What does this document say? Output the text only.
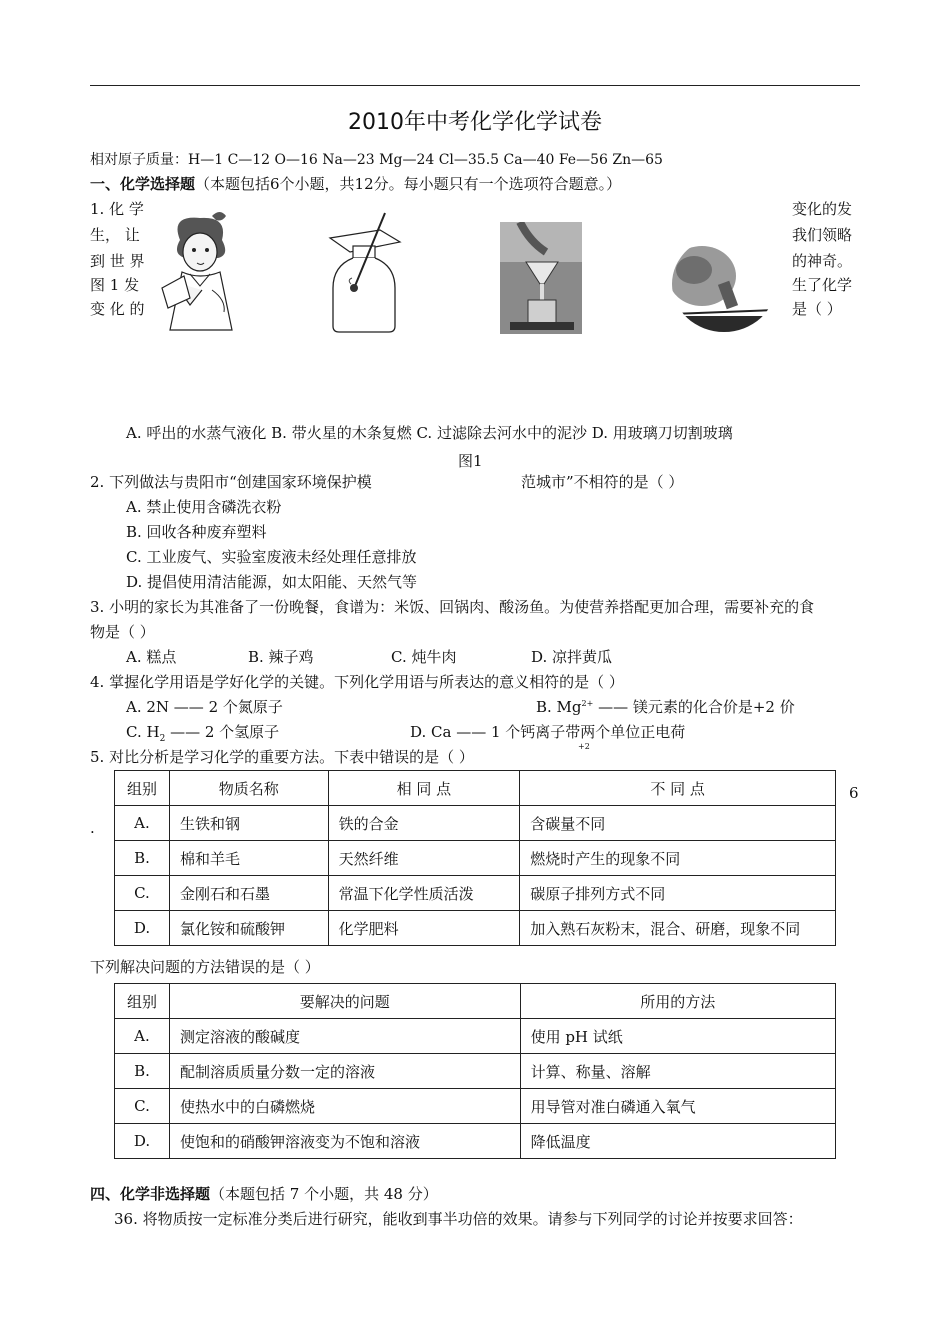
2010年中考化学化学试卷
相对原子质量：H—1 C—12 O—16 Na—23 Mg—24 Cl—35.5 Ca—40 Fe—56 Zn—65
一、化学选择题（本题包括6个小题，共12分。每小题只有一个选项符合题意。）
1. 化 学
生， 让
到 世 界
图 1 发
变 化 的
变化的发
我们领略
的神奇。
生了化学
是（ ）
A. 呼出的水蒸气液化 B. 带火星的木条复燃 C. 过滤除去河水中的泥沙 D. 用玻璃刀切割玻璃
图1
2. 下列做法与贵阳市“创建国家环境保护模	范城市”不相符的是（ ）
A. 禁止使用含磷洗衣粉
B. 回收各种废弃塑料
C. 工业废气、实验室废液未经处理任意排放
D. 提倡使用清洁能源，如太阳能、天然气等
3. 小明的家长为其准备了一份晚餐，食谱为：米饭、回锅肉、酸汤鱼。为使营养搭配更加合理，需要补充的食
物是（ ）
A. 糕点	B. 辣子鸡	C. 炖牛肉	D. 凉拌黄瓜
4. 掌握化学用语是学好化学的关键。下列化学用语与所表达的意义相符的是（ ）
A. 2N —— 2 个氮原子	B. $Mg^{2+}$ —— 镁元素的化合价是+2 价
C. $H_2$ —— 2 个氢原子	D. Ca —— 1 个钙离子带两个单位正电荷
+2
5. 对比分析是学习化学的重要方法。下表中错误的是（ ）
6
.
组别	物质名称	相 同 点	不 同 点
A.	生铁和钢	铁的合金	含碳量不同
B.	棉和羊毛	天然纤维	燃烧时产生的现象不同
C.	金刚石和石墨	常温下化学性质活泼	碳原子排列方式不同
D.	氯化铵和硫酸钾	化学肥料	加入熟石灰粉末，混合、研磨，现象不同
下列解决问题的方法错误的是（ ）
组别	要解决的问题	所用的方法
A.	测定溶液的酸碱度	使用 pH 试纸
B.	配制溶质质量分数一定的溶液	计算、称量、溶解
C.	使热水中的白磷燃烧	用导管对准白磷通入氧气
D.	使饱和的硝酸钾溶液变为不饱和溶液	降低温度
四、化学非选择题（本题包括 7 个小题，共 48 分）
36. 将物质按一定标准分类后进行研究，能收到事半功倍的效果。请参与下列同学的讨论并按要求回答：
